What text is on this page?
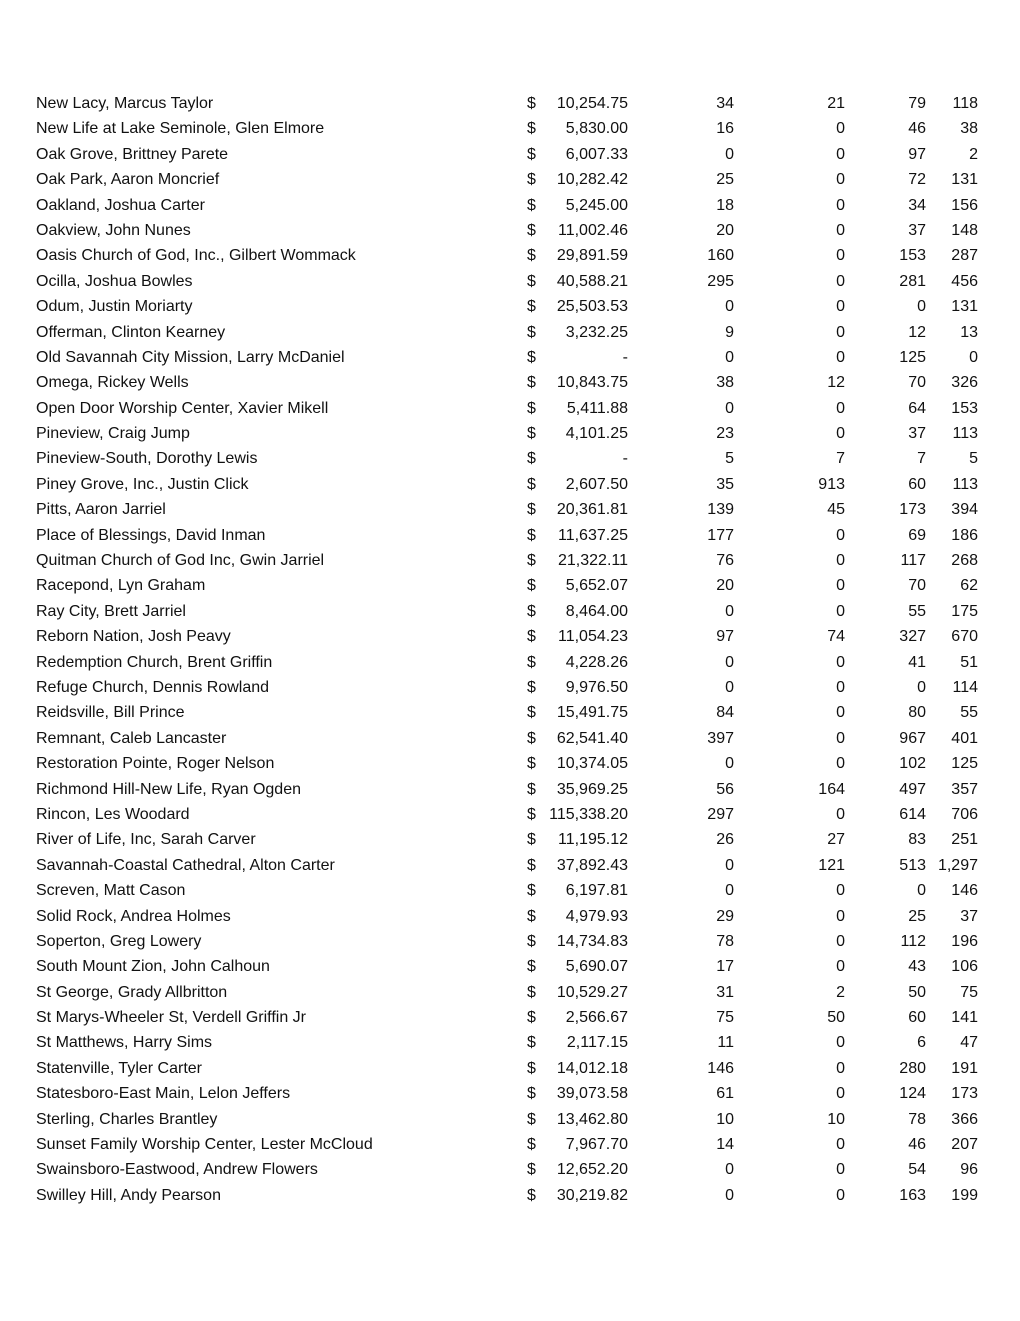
New Lacy, Marcus Taylor	$ 10,254.75	34	21	79 118
New Life at Lake Seminole, Glen Elmore	$ 5,830.00	16	0	46 38
Oak Grove, Brittney Parete	$ 6,007.33	0	0	97	2
Oak Park, Aaron Moncrief	$ 10,282.42	25	0	72 131
Oakland, Joshua Carter	$ 5,245.00	18	0	34 156
Oakview, John Nunes	$ 11,002.46	20	0	37 148
Oasis Church of God, Inc., Gilbert Wommack	$ 29,891.59	160	0	153 287
Ocilla, Joshua Bowles	$ 40,588.21	295	0	281 456
Odum, Justin Moriarty	$ 25,503.53	0	0	0 131
Offerman, Clinton Kearney	$ 3,232.25	9	0	12 13
Old Savannah City Mission, Larry McDaniel	$	-	0	0	125	0
Omega, Rickey Wells	$ 10,843.75	38	12	70 326
Open Door Worship Center, Xavier Mikell	$ 5,411.88	0	0	64 153
Pineview, Craig Jump	$ 4,101.25	23	0	37 113
Pineview-South, Dorothy Lewis	$	-	5	7	7	5
Piney Grove, Inc., Justin Click	$ 2,607.50	35	913	60 113
Pitts, Aaron Jarriel	$ 20,361.81	139	45	173 394
Place of Blessings, David Inman	$ 11,637.25	177	0	69 186
Quitman Church of God Inc, Gwin Jarriel	$ 21,322.11	76	0	117 268
Racepond, Lyn Graham	$ 5,652.07	20	0	70 62
Ray City, Brett Jarriel	$ 8,464.00	0	0	55 175
Reborn Nation, Josh Peavy	$ 11,054.23	97	74	327 670
Redemption Church, Brent Griffin	$ 4,228.26	0	0	41 51
Refuge Church, Dennis Rowland	$ 9,976.50	0	0	0 114
Reidsville, Bill Prince	$ 15,491.75	84	0	80 55
Remnant, Caleb Lancaster	$ 62,541.40	397	0	967 401
Restoration Pointe, Roger Nelson	$ 10,374.05	0	0	102 125
Richmond Hill-New Life, Ryan Ogden	$ 35,969.25	56	164	497 357
Rincon, Les Woodard	$ 115,338.20	297	0	614 706
River of Life, Inc, Sarah Carver	$ 11,195.12	26	27	83 251
Savannah-Coastal Cathedral, Alton Carter	$ 37,892.43	0	121	513 1,297
Screven, Matt Cason	$ 6,197.81	0	0	0 146
Solid Rock, Andrea Holmes	$ 4,979.93	29	0	25 37
Soperton, Greg Lowery	$ 14,734.83	78	0	112 196
South Mount Zion, John Calhoun	$ 5,690.07	17	0	43 106
St George, Grady Allbritton	$ 10,529.27	31	2	50 75
St Marys-Wheeler St, Verdell Griffin Jr	$ 2,566.67	75	50	60 141
St Matthews, Harry Sims	$ 2,117.15	11	0	6 47
Statenville, Tyler Carter	$ 14,012.18	146	0	280 191
Statesboro-East Main, Lelon Jeffers	$ 39,073.58	61	0	124 173
Sterling, Charles Brantley	$ 13,462.80	10	10	78 366
Sunset Family Worship Center, Lester McCloud	$ 7,967.70	14	0	46 207
Swainsboro-Eastwood, Andrew Flowers	$ 12,652.20	0	0	54 96
Swilley Hill, Andy Pearson	$ 30,219.82	0	0	163 199
